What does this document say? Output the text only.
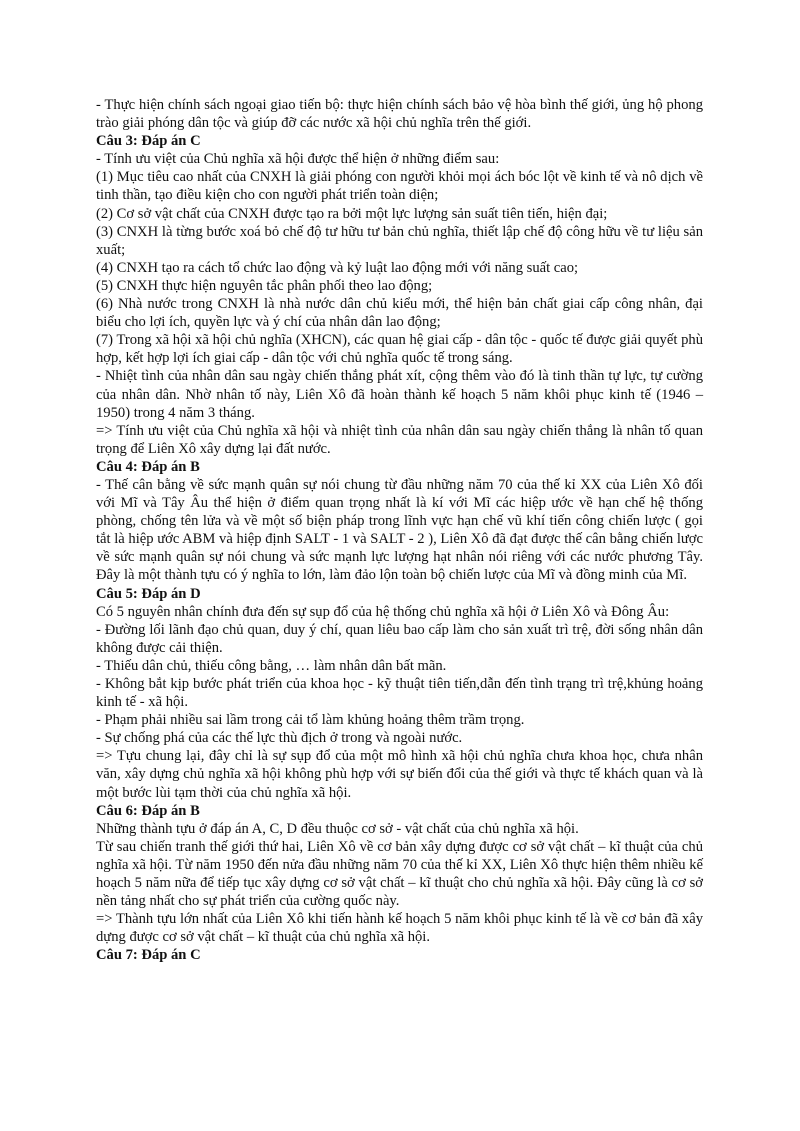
- Thực hiện chính sách ngoại giao tiến bộ: thực hiện chính sách bảo vệ hòa bình thế giới, ủng hộ phong trào giải phóng dân tộc và giúp đỡ các nước xã hội chủ nghĩa trên thế giới.

Câu 3: Đáp án C

- Tính ưu việt của Chủ nghĩa xã hội được thể hiện ở những điểm sau:

(1) Mục tiêu cao nhất của CNXH là giải phóng con người khỏi mọi ách bóc lột về kinh tế và nô dịch về tinh thần, tạo điều kiện cho con người phát triển toàn diện;

(2) Cơ sở vật chất của CNXH được tạo ra bởi một lực lượng sản suất tiên tiến, hiện đại;

(3) CNXH là từng bước xoá bỏ chế độ tư hữu tư bản chủ nghĩa, thiết lập chế độ công hữu về tư liệu sản xuất;

(4) CNXH tạo ra cách tổ chức lao động và kỷ luật lao động mới với năng suất cao;

(5) CNXH thực hiện nguyên tắc phân phối theo lao động;

(6) Nhà nước trong CNXH là nhà nước dân chủ kiểu mới, thể hiện bản chất giai cấp công nhân, đại biểu cho lợi ích, quyền lực và ý chí của nhân dân lao động;

(7) Trong xã hội xã hội chủ nghĩa (XHCN), các quan hệ giai cấp - dân tộc - quốc tế được giải quyết phù hợp, kết hợp lợi ích giai cấp - dân tộc với chủ nghĩa quốc tế trong sáng.

- Nhiệt tình của nhân dân sau ngày chiến thắng phát xít, cộng thêm vào đó là tinh thần tự lực, tự cường của nhân dân. Nhờ nhân tố này, Liên Xô đã hoàn thành kế hoạch 5 năm khôi phục kinh tế (1946 – 1950) trong 4 năm 3 tháng.

=> Tính ưu việt của Chủ nghĩa xã hội và nhiệt tình của nhân dân sau ngày chiến thắng là nhân tố quan trọng để Liên Xô xây dựng lại đất nước.

Câu 4: Đáp án B

- Thế cân bằng về sức mạnh quân sự nói chung từ đầu những năm 70 của thế kỉ XX của Liên Xô đối với Mĩ và Tây Âu thể hiện ở điểm quan trọng nhất là kí với Mĩ các hiệp ước về hạn chế hệ thống phòng, chống tên lửa và về một số biện pháp trong lĩnh vực hạn chế vũ khí tiến công chiến lược ( gọi tắt là hiệp ước ABM và hiệp định SALT - 1 và SALT - 2 ), Liên Xô đã đạt được thế cân bằng chiến lược về sức mạnh quân sự nói chung và sức mạnh lực lượng hạt nhân nói riêng với các nước phương Tây. Đây là một thành tựu có ý nghĩa to lớn, làm đảo lộn toàn bộ chiến lược của Mĩ và đồng minh của Mĩ.

Câu 5: Đáp án D

Có 5 nguyên nhân chính đưa đến sự sụp đổ của hệ thống chủ nghĩa xã hội ở Liên Xô và Đông Âu:

- Đường lối lãnh đạo chủ quan, duy ý chí, quan liêu bao cấp làm cho sản xuất trì trệ, đời sống nhân dân không được cải thiện.

- Thiếu dân chủ, thiếu công bằng, … làm nhân dân bất mãn.

- Không bắt kịp bước phát triển của khoa học - kỹ thuật tiên tiến,dẫn đến tình trạng trì trệ,khủng hoảng kinh tế - xã hội.

- Phạm phải nhiều sai lầm trong cải tổ làm khủng hoảng thêm trầm trọng.

- Sự chống phá của các thế lực thù địch ở trong và ngoài nước.

=> Tựu chung lại, đây chỉ là sự sụp đổ của một mô hình xã hội chủ nghĩa chưa khoa học, chưa nhân văn, xây dựng chủ nghĩa xã hội không phù hợp với sự biến đổi của thế giới và thực tế khách quan và là một bước lùi tạm thời của chủ nghĩa xã hội.

Câu 6: Đáp án B

Những thành tựu ở đáp án A, C, D đều thuộc cơ sở - vật chất của chủ nghĩa xã hội.

Từ sau chiến tranh thế giới thứ hai, Liên Xô về cơ bản xây dựng được cơ sở vật chất – kĩ thuật của chủ nghĩa xã hội. Từ năm 1950 đến nửa đầu những năm 70 của thế kỉ XX, Liên Xô thực hiện thêm nhiều kế hoạch 5 năm nữa để tiếp tục xây dựng cơ sở vật chất – kĩ thuật cho chủ nghĩa xã hội. Đây cũng là cơ sở nền tảng nhất cho sự phát triển của cường quốc này.

=> Thành tựu lớn nhất của Liên Xô khi tiến hành kế hoạch 5 năm khôi phục kinh tế là về cơ bản đã xây dựng được cơ sở vật chất – kĩ thuật của chủ nghĩa xã hội.

Câu 7: Đáp án C
